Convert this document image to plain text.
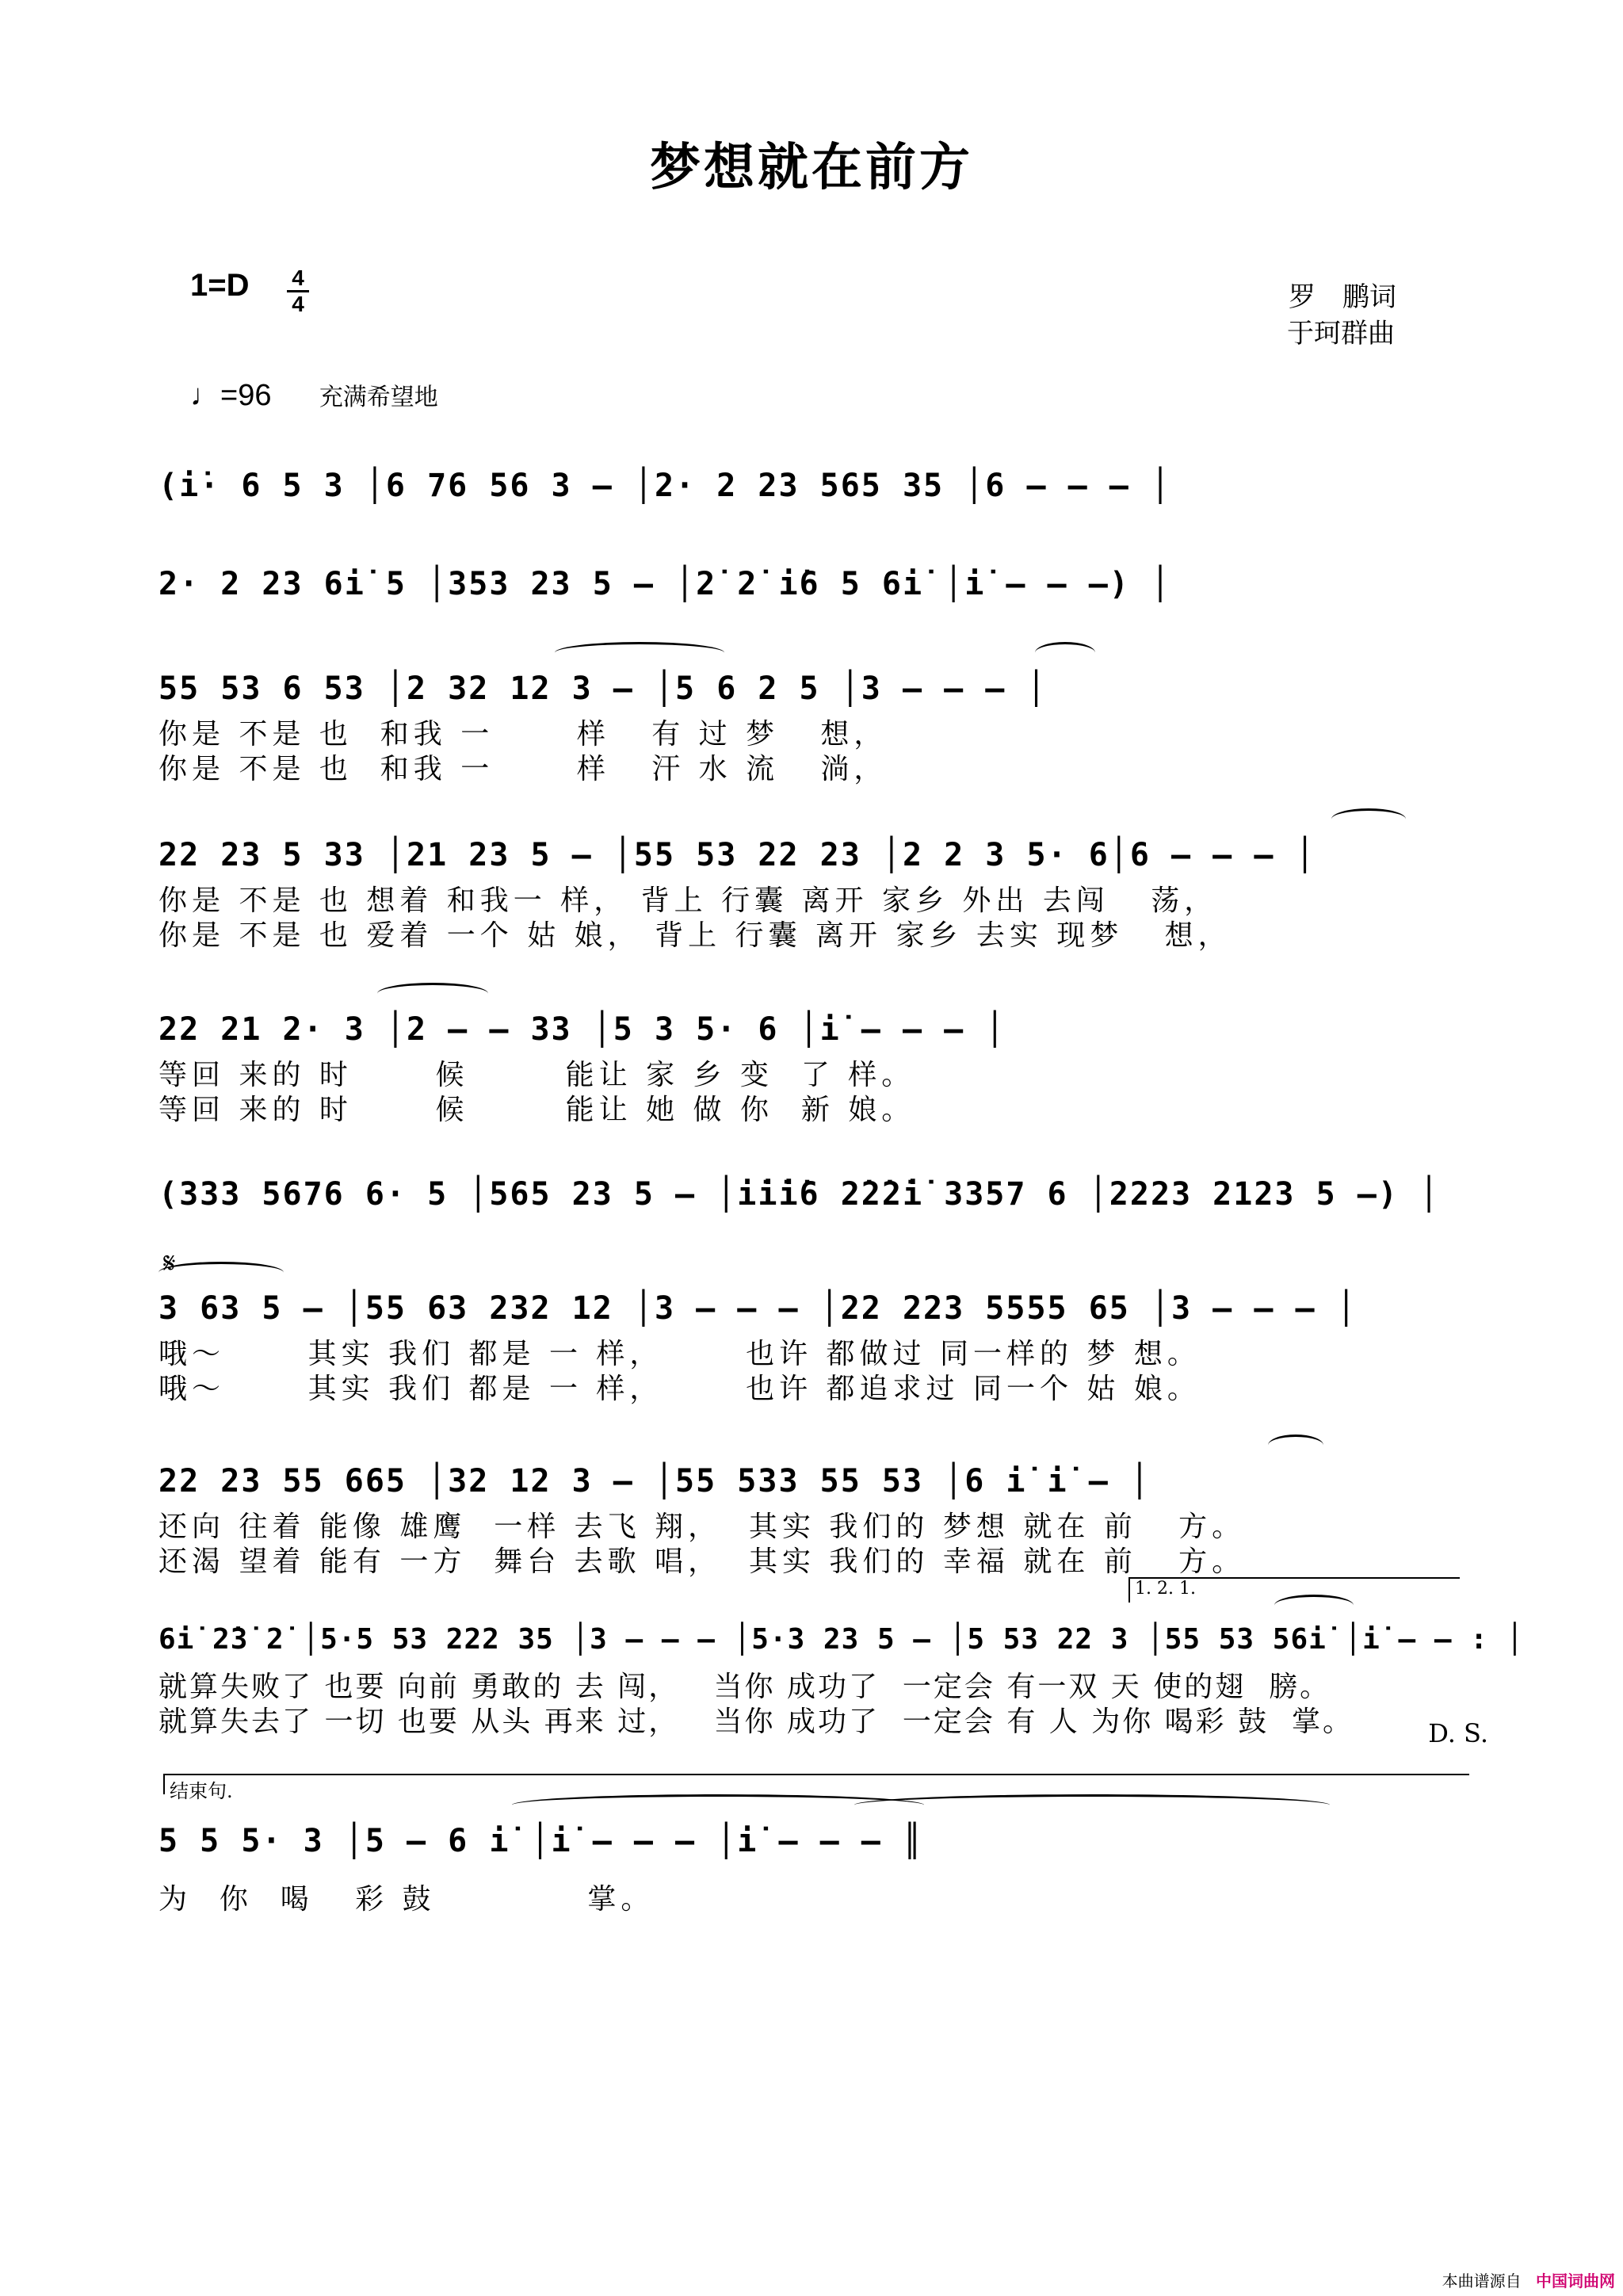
梦想就在前方
1=D 4
4	罗　鹏词
于珂群曲
♩=96 充满希望地
(i̇· 6 5 3 │6 76 56 3 – │2· 2 23 565 35 │6 – – – │
2· 2 23 6i̇ 5 │353 23 5 – │2̇ 2̇ i̇6 5 6i̇ │i̇ – – –) │
55 53 6 53 │2 32 12 3 – │5 6 2 5 │3 – – – │
你是 不是 也  和我 一      样   有 过 梦   想，
你是 不是 也  和我 一      样   汗 水 流   淌，
22 23 5 33 │21 23 5 – │55 53 22 23 │2 2 3 5· 6│6 – – – │
你是 不是 也 想着 和我一 样， 背上 行囊 离开 家乡 外出 去闯   荡，
你是 不是 也 爱着 一个 姑 娘， 背上 行囊 离开 家乡 去实 现梦   想，
22 21 2· 3 │2 – – 33 │5 3 5· 6 │i̇ – – – │
等回 来的 时      候       能让 家 乡 变  了 样。
等回 来的 时      候       能让 她 做 你  新 娘。
(333 5676 6· 5 │565 23 5 – │i̇i̇i̇6 2̇2̇2̇i̇ 3357 6 │2223 2123 5 –) │
𝄋
3 63 5 – │55 63 232 12 │3 – – – │22 223 5555 65 │3 – – – │
哦～      其实 我们 都是 一 样，      也许 都做过 同一样的 梦 想。
哦～      其实 我们 都是 一 样，      也许 都追求过 同一个 姑 娘。
22 23 55 665 │32 12 3 – │55 533 55 53 │6 i̇ i̇ – │
还向 往着 能像 雄鹰  一样 去飞 翔，  其实 我们的 梦想 就在 前   方。
还渴 望着 能有 一方  舞台 去歌 唱，  其实 我们的 幸福 就在 前   方。
1. 2. 1.
6i̇ 2̇3̇ 2̇ │5·5 53 222 35 │3 – – – │5·3 23 5 – │5 53 22 3 │55 53 56i̇ │i̇ – – : │
就算失败了 也要 向前 勇敢的 去 闯，   当你 成功了  一定会 有一双 天 使的翅  膀。
就算失去了 一切 也要 从头 再来 过，   当你 成功了  一定会 有 人 为你 喝彩 鼓  掌。	D. S.
结束句.
5 5 5· 3 │5 – 6 i̇ │i̇ – – – │i̇ – – – ║
为  你  喝   彩 鼓           掌。
本曲谱源自 中国词曲网
